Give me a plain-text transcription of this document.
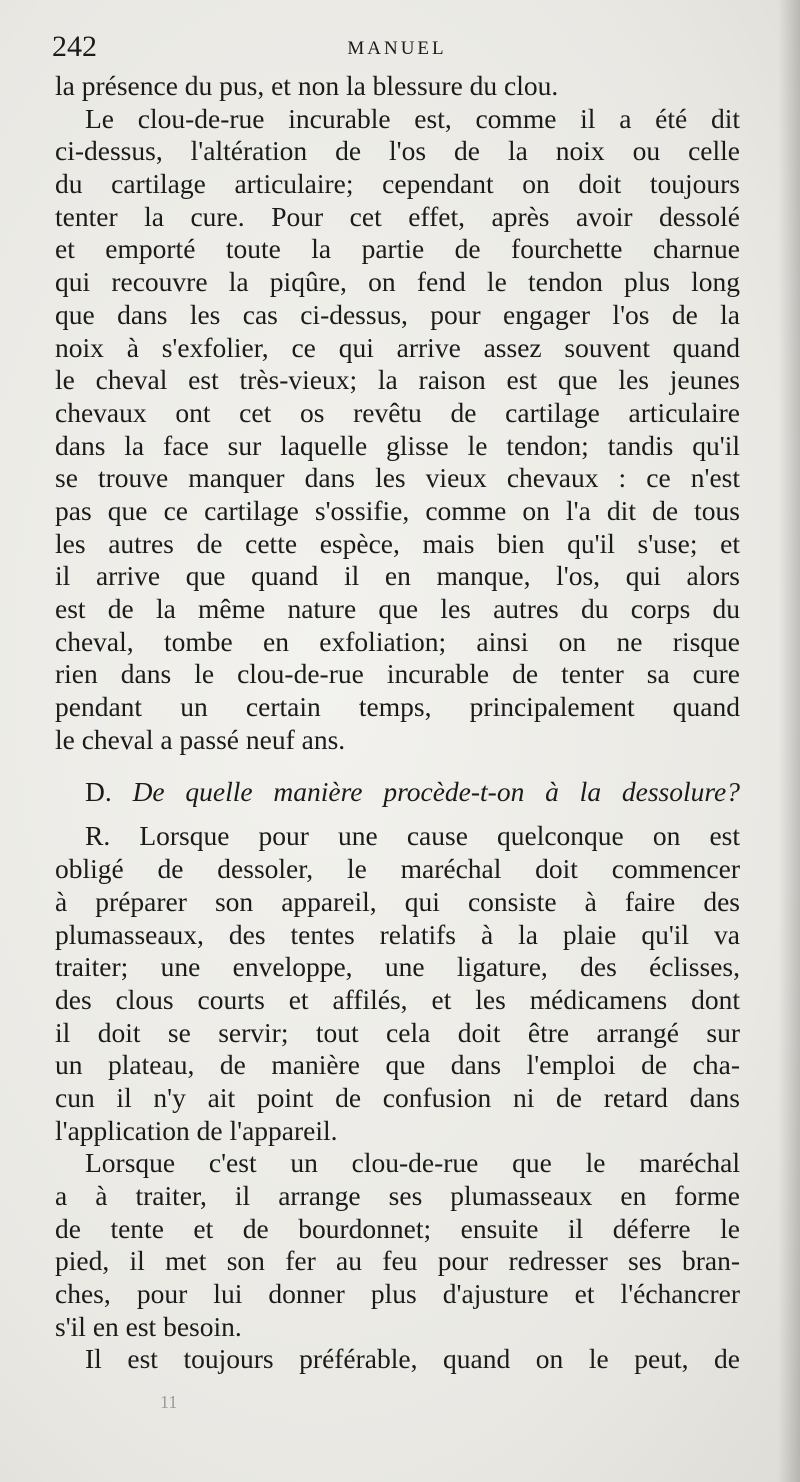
242	MANUEL
la présence du pus, et non la blessure du clou.
Le clou-de-rue incurable est, comme il a été dit
ci-dessus, l'altération de l'os de la noix ou celle
du cartilage articulaire; cependant on doit toujours
tenter la cure. Pour cet effet, après avoir dessolé
et emporté toute la partie de fourchette charnue
qui recouvre la piqûre, on fend le tendon plus long
que dans les cas ci-dessus, pour engager l'os de la
noix à s'exfolier, ce qui arrive assez souvent quand
le cheval est très-vieux; la raison est que les jeunes
chevaux ont cet os revêtu de cartilage articulaire
dans la face sur laquelle glisse le tendon; tandis qu'il
se trouve manquer dans les vieux chevaux : ce n'est
pas que ce cartilage s'ossifie, comme on l'a dit de tous
les autres de cette espèce, mais bien qu'il s'use; et
il arrive que quand il en manque, l'os, qui alors
est de la même nature que les autres du corps du
cheval, tombe en exfoliation; ainsi on ne risque
rien dans le clou-de-rue incurable de tenter sa cure
pendant un certain temps, principalement quand
le cheval a passé neuf ans.
D. De quelle manière procède-t-on à la dessolure?
R. Lorsque pour une cause quelconque on est
obligé de dessoler, le maréchal doit commencer
à préparer son appareil, qui consiste à faire des
plumasseaux, des tentes relatifs à la plaie qu'il va
traiter; une enveloppe, une ligature, des éclisses,
des clous courts et affilés, et les médicamens dont
il doit se servir; tout cela doit être arrangé sur
un plateau, de manière que dans l'emploi de cha-
cun il n'y ait point de confusion ni de retard dans
l'application de l'appareil.
Lorsque c'est un clou-de-rue que le maréchal
a à traiter, il arrange ses plumasseaux en forme
de tente et de bourdonnet; ensuite il déferre le
pied, il met son fer au feu pour redresser ses bran-
ches, pour lui donner plus d'ajusture et l'échancrer
s'il en est besoin.
Il est toujours préférable, quand on le peut, de
11
